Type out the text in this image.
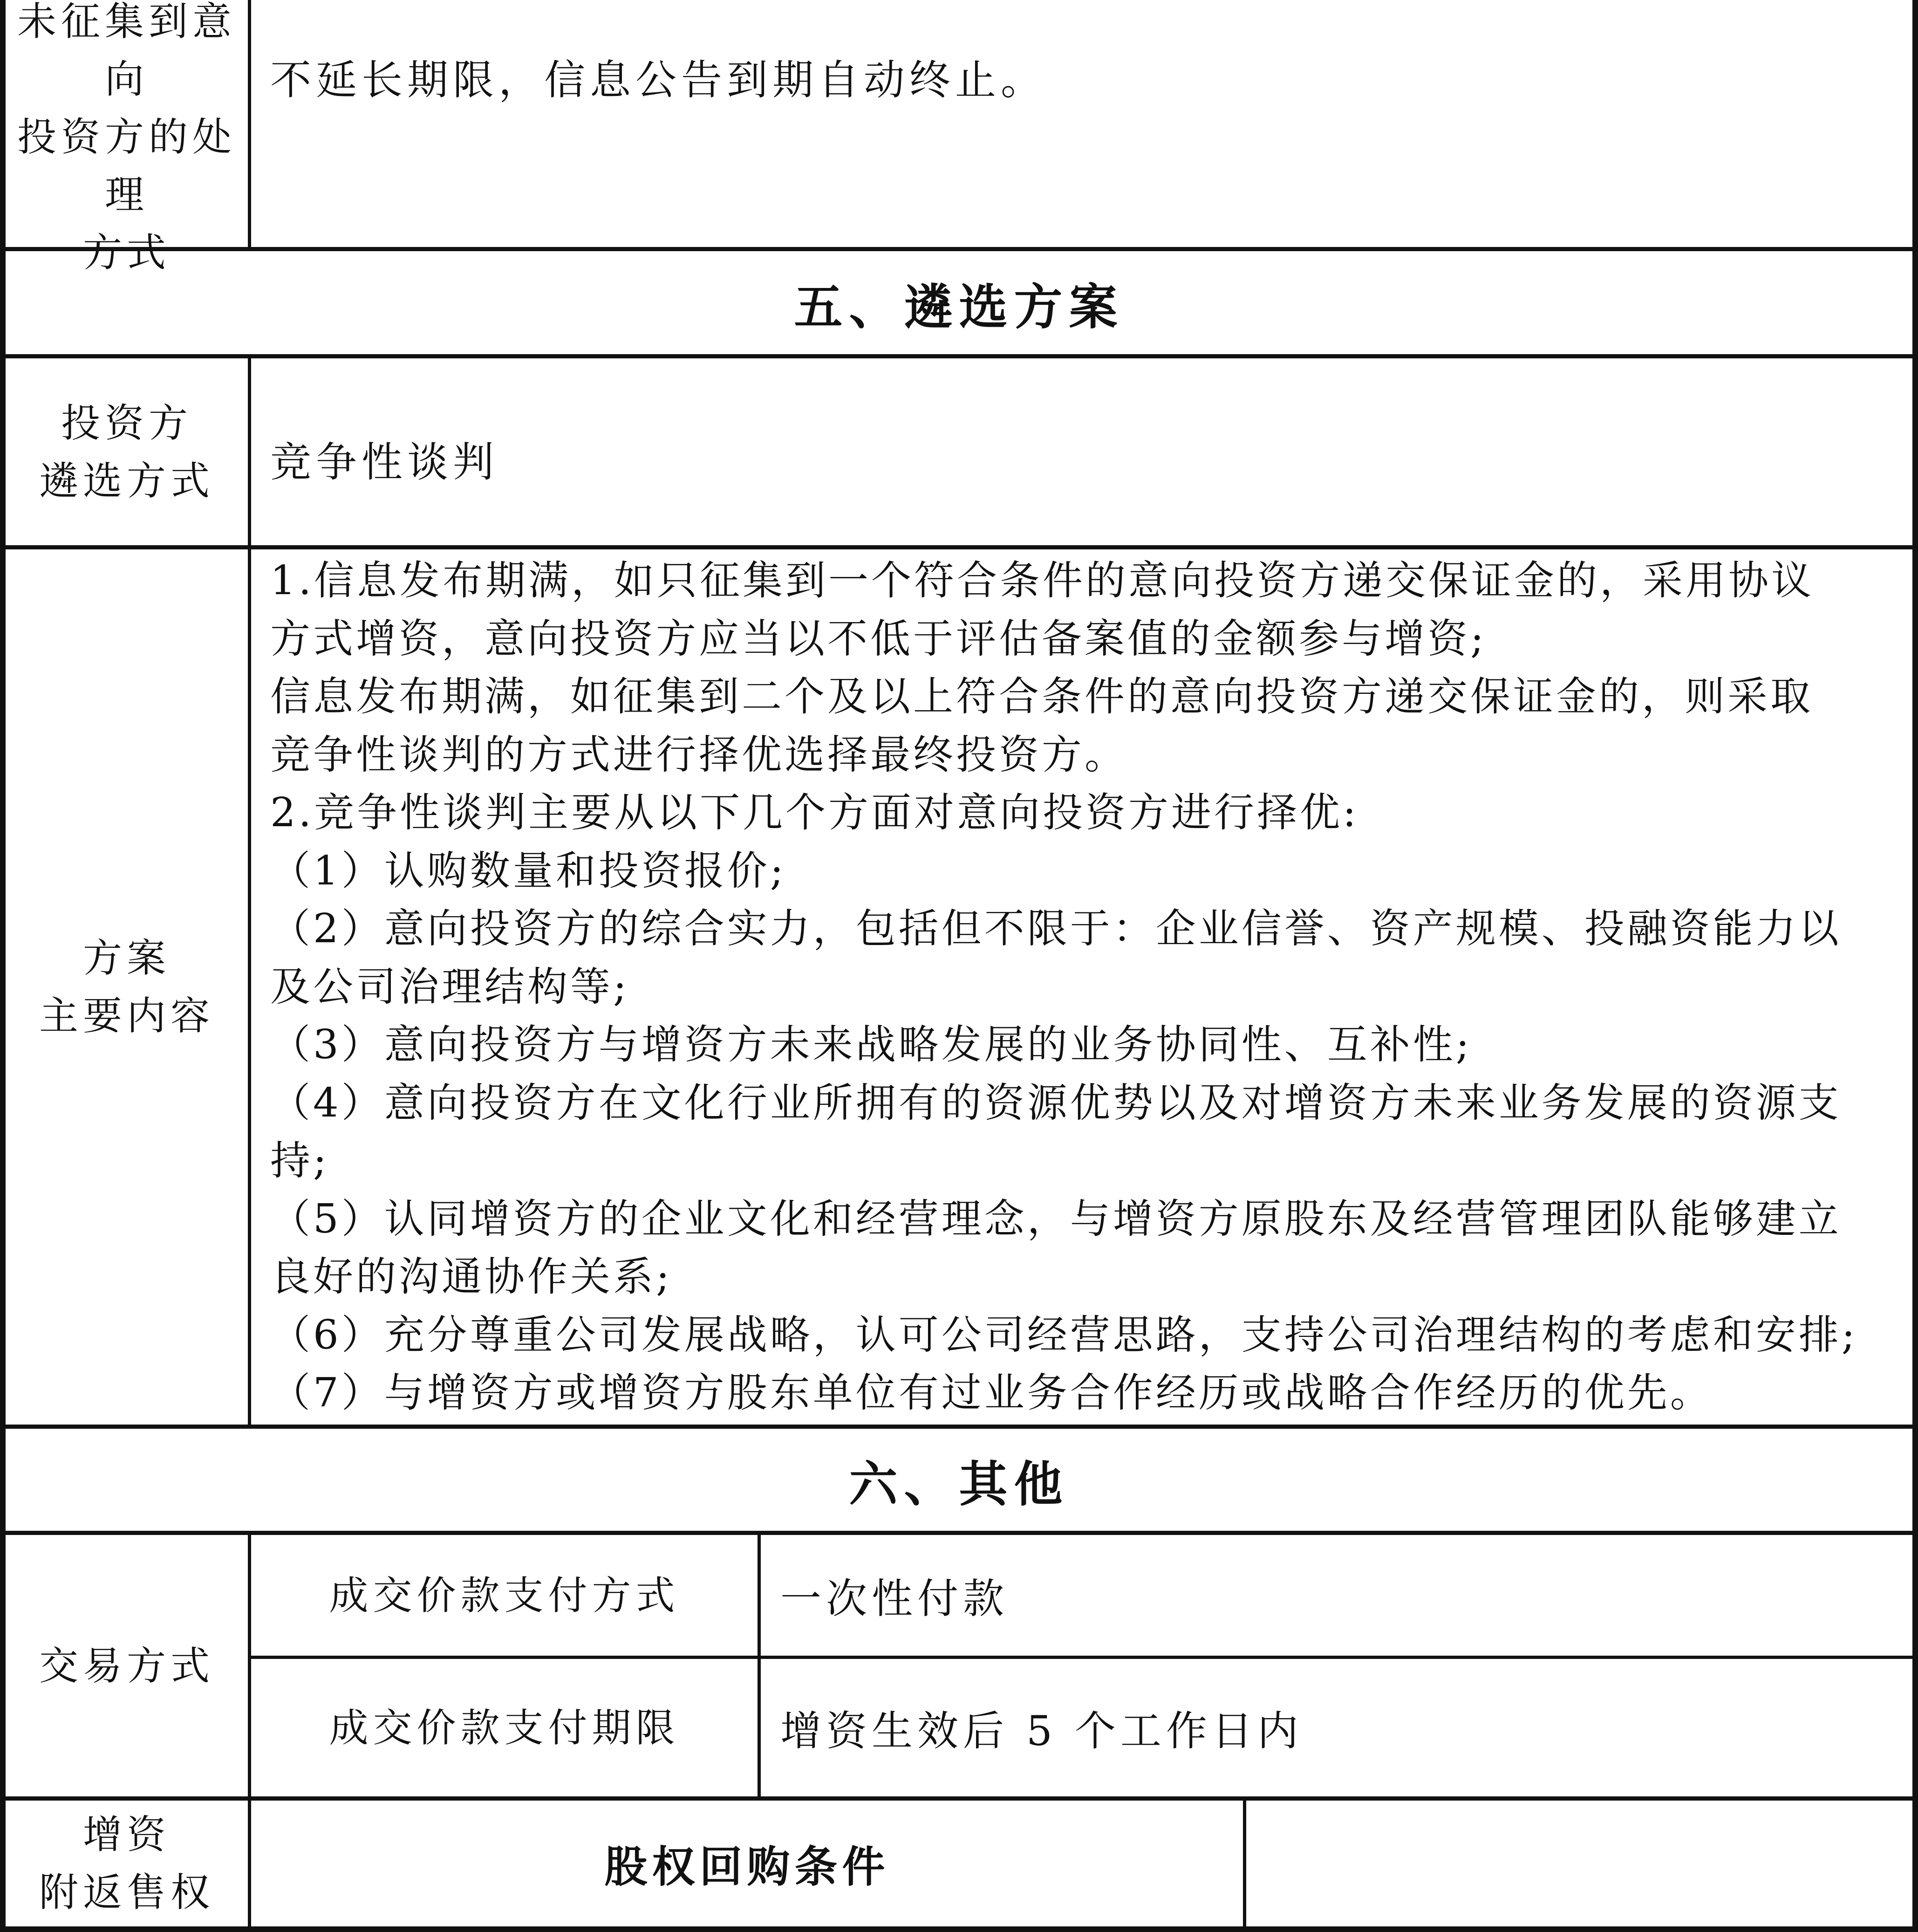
未征集到意向
投资方的处理
方式
不延长期限，信息公告到期自动终止。
五、遴选方案
投资方
遴选方式 竞争性谈判
方案
主要内容
1.信息发布期满，如只征集到一个符合条件的意向投资方递交保证金的，采用协议
方式增资，意向投资方应当以不低于评估备案值的金额参与增资;
信息发布期满，如征集到二个及以上符合条件的意向投资方递交保证金的，则采取
竞争性谈判的方式进行择优选择最终投资方。
2.竞争性谈判主要从以下几个方面对意向投资方进行择优:
（1）认购数量和投资报价;
（2）意向投资方的综合实力，包括但不限于：企业信誉、资产规模、投融资能力以
及公司治理结构等;
（3）意向投资方与增资方未来战略发展的业务协同性、互补性;
（4）意向投资方在文化行业所拥有的资源优势以及对增资方未来业务发展的资源支
持;
（5）认同增资方的企业文化和经营理念，与增资方原股东及经营管理团队能够建立
良好的沟通协作关系;
（6）充分尊重公司发展战略，认可公司经营思路，支持公司治理结构的考虑和安排;
（7）与增资方或增资方股东单位有过业务合作经历或战略合作经历的优先。
六、其他
交易方式
成交价款支付方式	一次性付款
成交价款支付期限	增资生效后 5 个工作日内
增资
附返售权
股权回购条件
